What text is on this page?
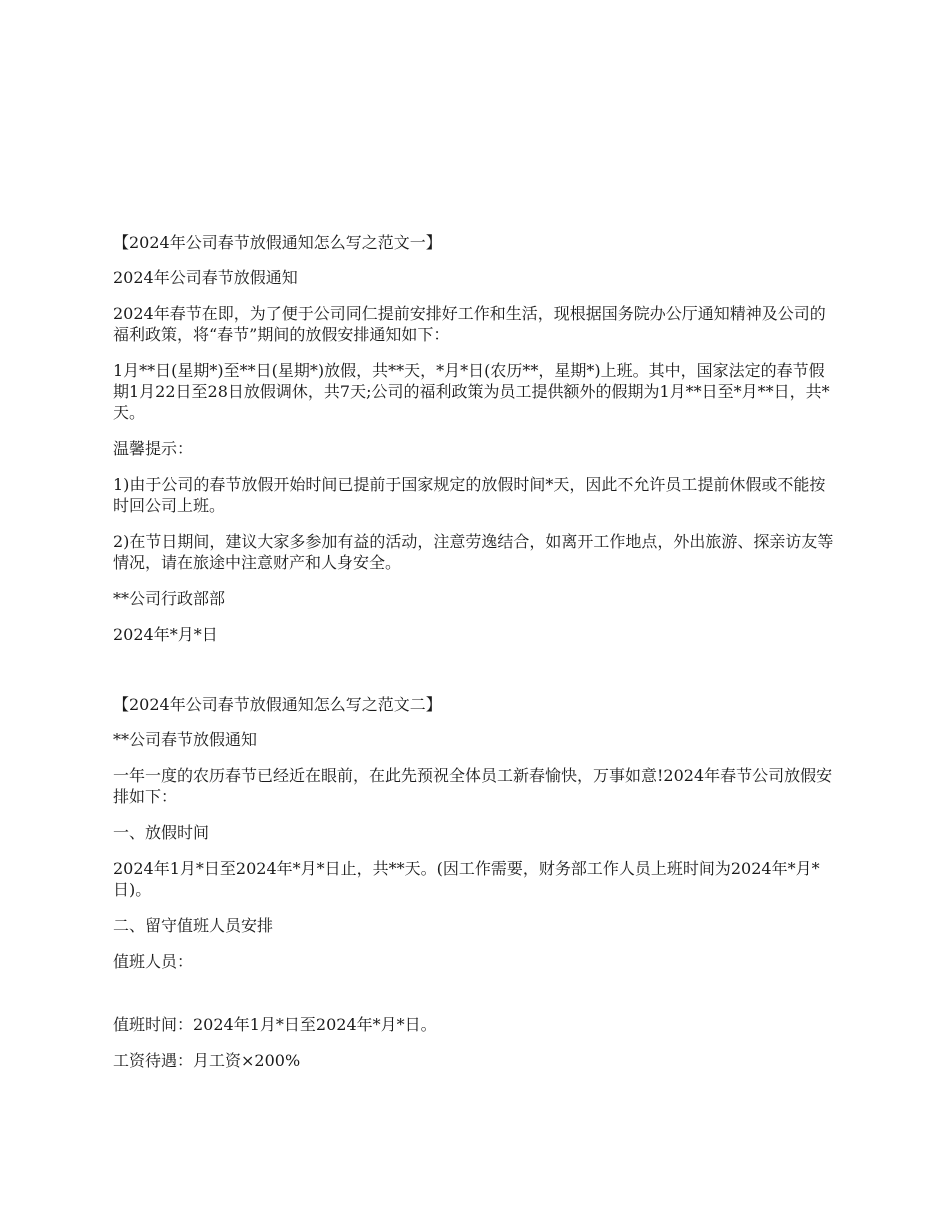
【2024年公司春节放假通知怎么写之范文一】

2024年公司春节放假通知

2024年春节在即，为了便于公司同仁提前安排好工作和生活，现根据国务院办公厅通知精神及公司的福利政策，将“春节”期间的放假安排通知如下：

1月**日(星期*)至**日(星期*)放假，共**天，*月*日(农历**，星期*)上班。其中，国家法定的春节假期1月22日至28日放假调休，共7天;公司的福利政策为员工提供额外的假期为1月**日至*月**日，共*天。

温馨提示：

1)由于公司的春节放假开始时间已提前于国家规定的放假时间*天，因此不允许员工提前休假或不能按时回公司上班。

2)在节日期间，建议大家多参加有益的活动，注意劳逸结合，如离开工作地点，外出旅游、探亲访友等情况，请在旅途中注意财产和人身安全。

**公司行政部部

2024年*月*日

【2024年公司春节放假通知怎么写之范文二】

**公司春节放假通知

一年一度的农历春节已经近在眼前，在此先预祝全体员工新春愉快，万事如意!2024年春节公司放假安排如下：

一、放假时间

2024年1月*日至2024年*月*日止，共**天。(因工作需要，财务部工作人员上班时间为2024年*月*日)。

二、留守值班人员安排

值班人员：

值班时间：2024年1月*日至2024年*月*日。

工资待遇：月工资×200%
